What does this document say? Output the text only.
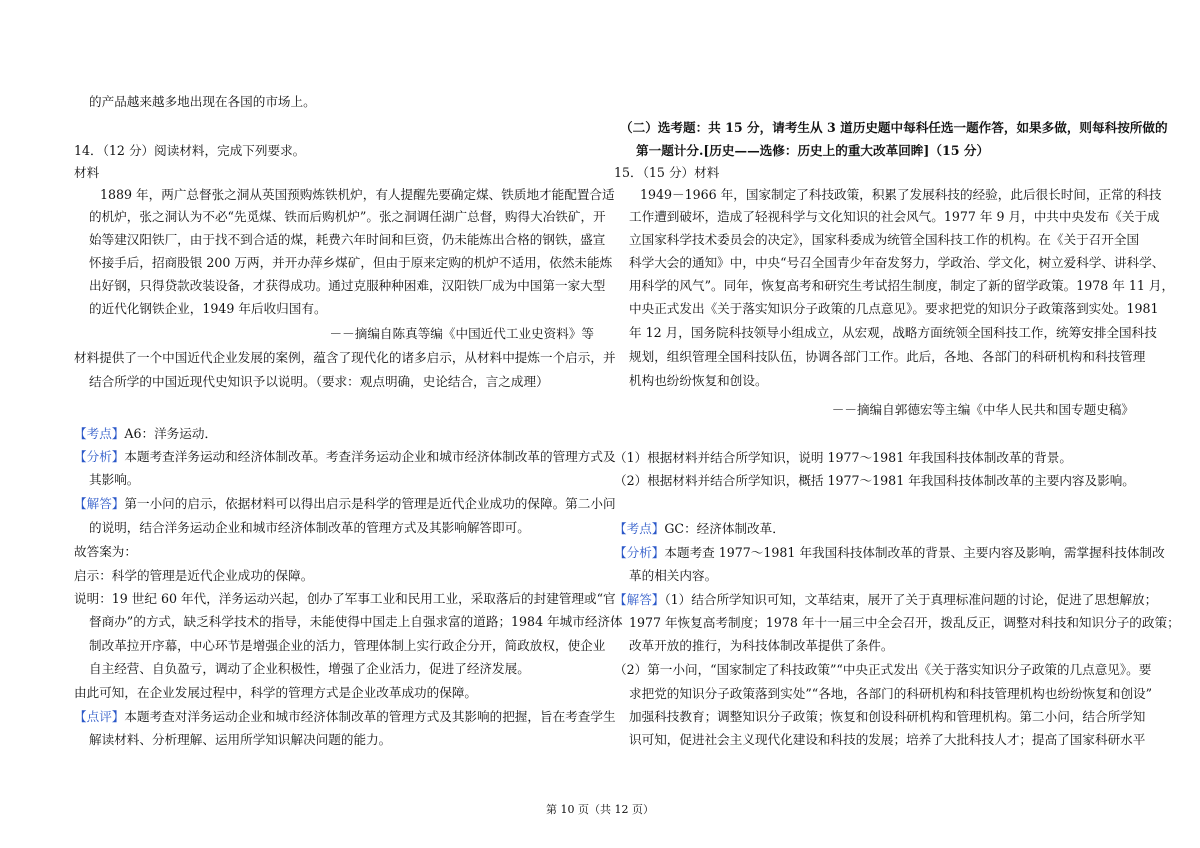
的产品越来越多地出现在各国的市场上。
14．（12 分）阅读材料，完成下列要求。
材料
1889 年，两广总督张之洞从英国预购炼铁机炉，有人提醒先要确定煤、铁质地才能配置合适
的机炉，张之洞认为不必“先觅煤、铁而后购机炉”。张之洞调任湖广总督，购得大冶铁矿，开
始等建汉阳铁厂，由于找不到合适的煤，耗费六年时间和巨资，仍未能炼出合格的钢铁，盛宣
怀接手后，招商股银 200 万两，并开办萍乡煤矿，但由于原来定购的机炉不适用，依然未能炼
出好钢，只得贷款改装设备，才获得成功。通过克服种种困难，汉阳铁厂成为中国第一家大型
的近代化钢铁企业，1949 年后收归国有。
－－摘编自陈真等编《中国近代工业史资料》等
材料提供了一个中国近代企业发展的案例，蕴含了现代化的诸多启示，从材料中提炼一个启示，并
结合所学的中国近现代史知识予以说明。（要求：观点明确，史论结合，言之成理）
【考点】A6：洋务运动．
【分析】本题考查洋务运动和经济体制改革。考查洋务运动企业和城市经济体制改革的管理方式及
其影响。
【解答】第一小问的启示，依据材料可以得出启示是科学的管理是近代企业成功的保障。第二小问
的说明，结合洋务运动企业和城市经济体制改革的管理方式及其影响解答即可。
故答案为：
启示：科学的管理是近代企业成功的保障。
说明：19 世纪 60 年代，洋务运动兴起，创办了军事工业和民用工业，采取落后的封建管理或“官
督商办”的方式，缺乏科学技术的指导，未能使得中国走上自强求富的道路；1984 年城市经济体
制改革拉开序幕，中心环节是增强企业的活力，管理体制上实行政企分开，简政放权，使企业
自主经营、自负盈亏，调动了企业积极性，增强了企业活力，促进了经济发展。
由此可知，在企业发展过程中，科学的管理方式是企业改革成功的保障。
【点评】本题考查对洋务运动企业和城市经济体制改革的管理方式及其影响的把握，旨在考查学生
解读材料、分析理解、运用所学知识解决问题的能力。
（二）选考题：共 15 分，请考生从 3 道历史题中每科任选一题作答，如果多做，则每科按所做的
第一题计分.[历史——选修：历史上的重大改革回眸]（15 分）
15．（15 分）材料
1949－1966 年，国家制定了科技政策，积累了发展科技的经验，此后很长时间，正常的科技
工作遭到破坏，造成了轻视科学与文化知识的社会风气。1977 年 9 月，中共中央发布《关于成
立国家科学技术委员会的决定》，国家科委成为统管全国科技工作的机构。在《关于召开全国
科学大会的通知》中，中央“号召全国青少年奋发努力，学政治、学文化，树立爱科学、讲科学、
用科学的风气”。同年，恢复高考和研究生考试招生制度，制定了新的留学政策。1978 年 11 月，
中央正式发出《关于落实知识分子政策的几点意见》。要求把党的知识分子政策落到实处。1981
年 12 月，国务院科技领导小组成立，从宏观，战略方面统领全国科技工作，统筹安排全国科技
规划，组织管理全国科技队伍，协调各部门工作。此后，各地、各部门的科研机构和科技管理
机构也纷纷恢复和创设。
－－摘编自郭德宏等主编《中华人民共和国专题史稿》
（1）根据材料并结合所学知识，说明 1977～1981 年我国科技体制改革的背景。
（2）根据材料并结合所学知识，概括 1977～1981 年我国科技体制改革的主要内容及影响。
【考点】GC：经济体制改革．
【分析】本题考查 1977～1981 年我国科技体制改革的背景、主要内容及影响，需掌握科技体制改
革的相关内容。
【解答】（1）结合所学知识可知，文革结束，展开了关于真理标准问题的讨论，促进了思想解放；
1977 年恢复高考制度；1978 年十一届三中全会召开，拨乱反正，调整对科技和知识分子的政策；
改革开放的推行，为科技体制改革提供了条件。
（2）第一小问，“国家制定了科技政策”“中央正式发出《关于落实知识分子政策的几点意见》。要
求把党的知识分子政策落到实处”“各地，各部门的科研机构和科技管理机构也纷纷恢复和创设”
加强科技教育；调整知识分子政策；恢复和创设科研机构和管理机构。第二小问，结合所学知
识可知，促进社会主义现代化建设和科技的发展；培养了大批科技人才；提高了国家科研水平
第 10 页（共 12 页）
